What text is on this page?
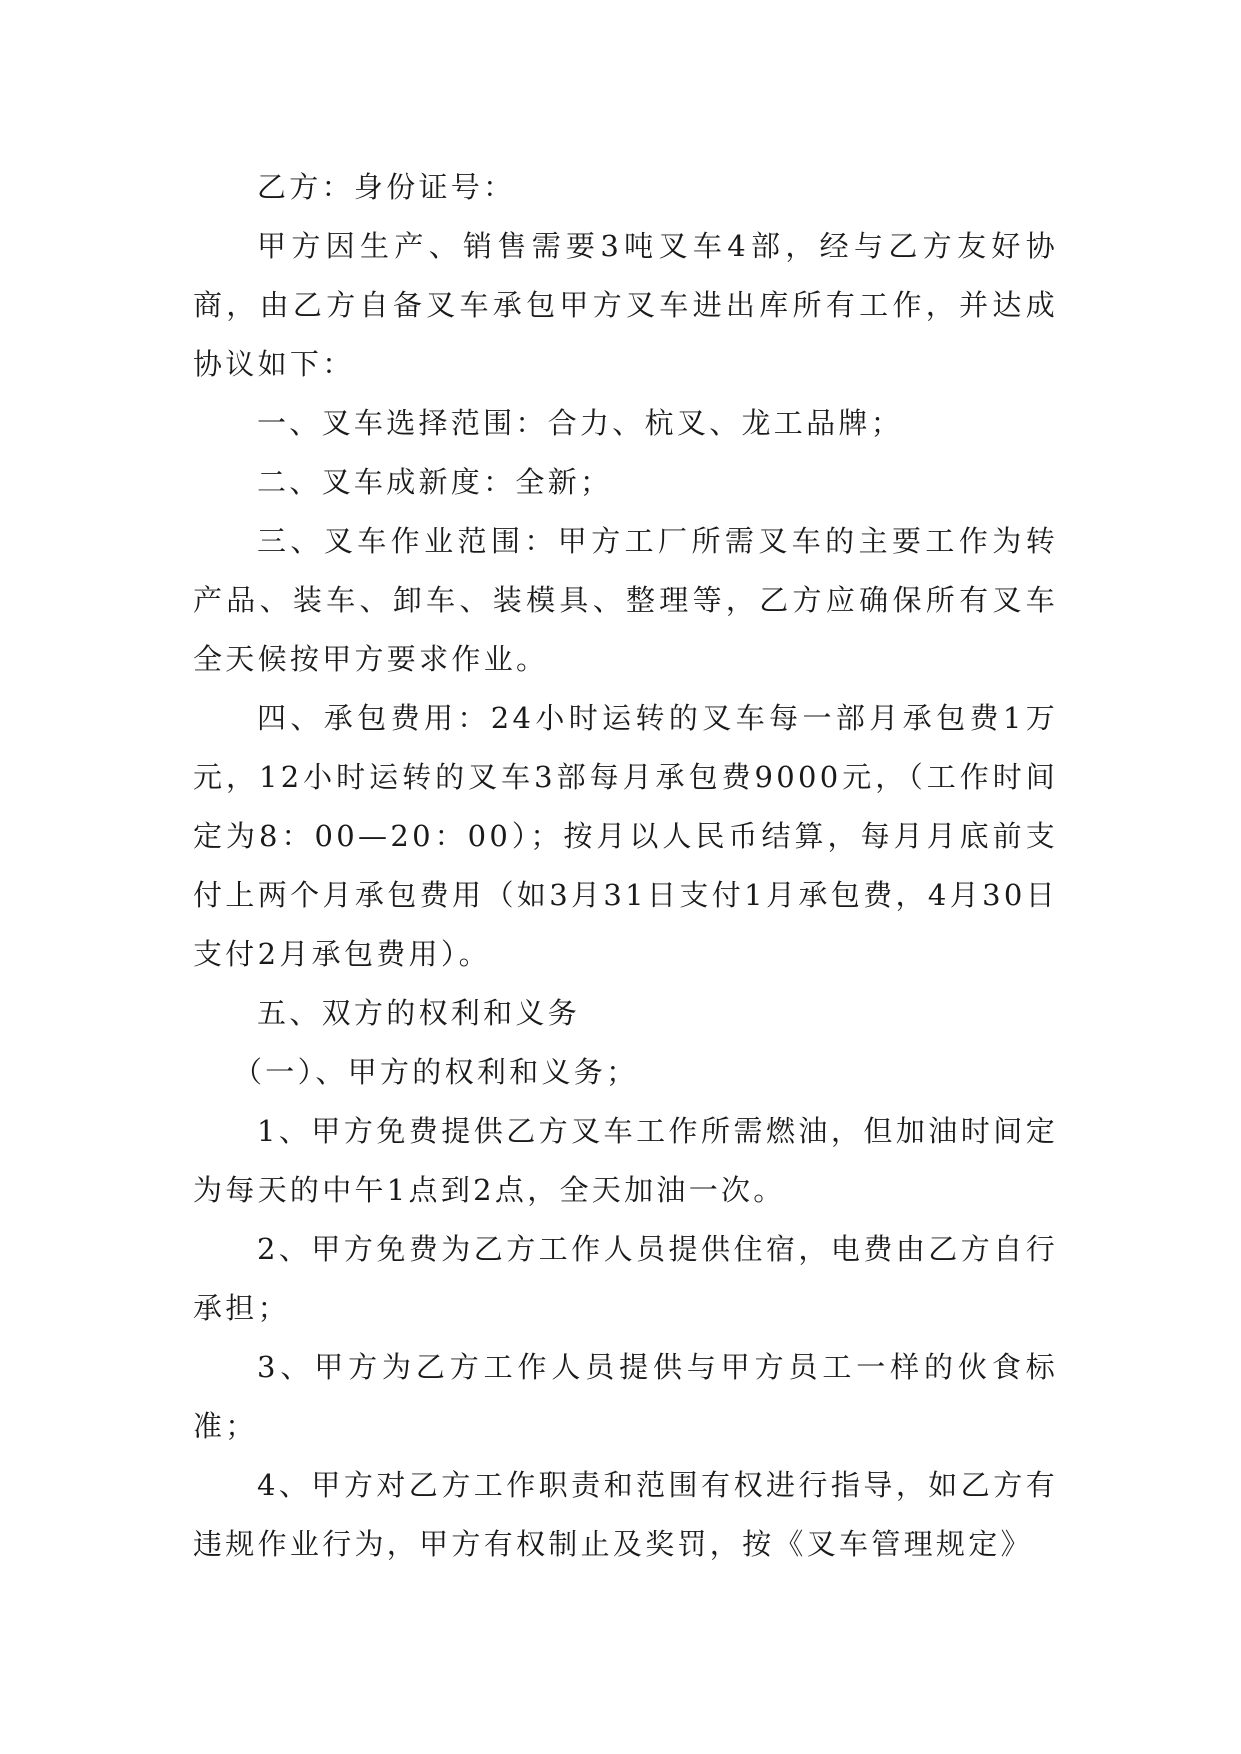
乙方：身份证号：

甲方因生产、销售需要3吨叉车4部，经与乙方友好协商，由乙方自备叉车承包甲方叉车进出库所有工作，并达成协议如下：

一、叉车选择范围：合力、杭叉、龙工品牌；

二、叉车成新度：全新；

三、叉车作业范围：甲方工厂所需叉车的主要工作为转产品、装车、卸车、装模具、整理等，乙方应确保所有叉车全天候按甲方要求作业。

四、承包费用：24小时运转的叉车每一部月承包费1万元，12小时运转的叉车3部每月承包费9000元，（工作时间定为8：00—20：00）；按月以人民币结算，每月月底前支付上两个月承包费用（如3月31日支付1月承包费，4月30日支付2月承包费用）。

五、双方的权利和义务

（一）、甲方的权利和义务；

1、甲方免费提供乙方叉车工作所需燃油，但加油时间定为每天的中午1点到2点，全天加油一次。

2、甲方免费为乙方工作人员提供住宿，电费由乙方自行承担；

3、甲方为乙方工作人员提供与甲方员工一样的伙食标准；

4、甲方对乙方工作职责和范围有权进行指导，如乙方有违规作业行为，甲方有权制止及奖罚，按《叉车管理规定》
